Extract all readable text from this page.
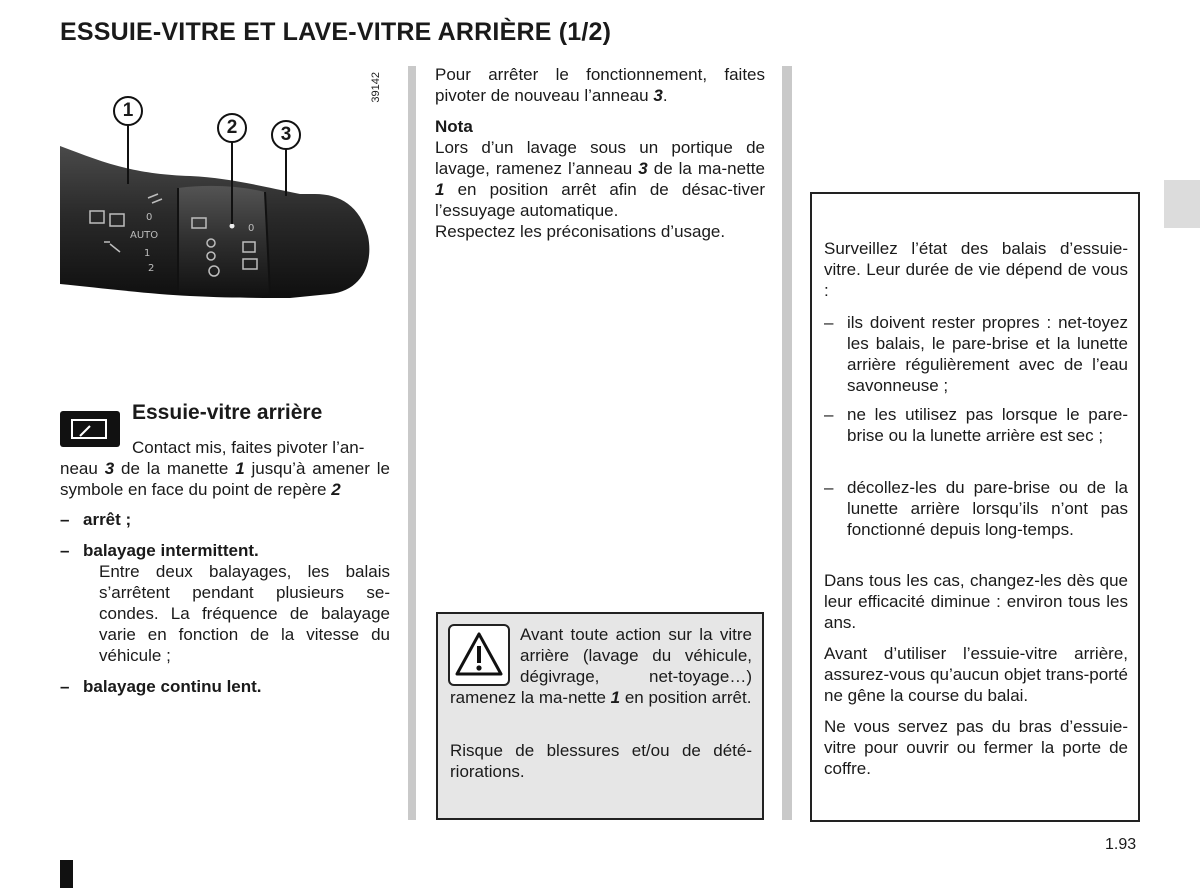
ESSUIE-VITRE ET LAVE-VITRE ARRIÈRE (1/2)
AUTO
0
1
2
0
1
2	3
39142
Essuie-vitre arrière
Contact mis, faites pivoter l’an-
neau 3 de la manette 1 jusqu’à amener le symbole en face du point de repère 2
– arrêt ;
– balayage intermittent.
Entre deux balayages, les balais s’arrêtent pendant plusieurs se-condes. La fréquence de balayage varie en fonction de la vitesse du véhicule ;
– balayage continu lent.
Pour arrêter le fonctionnement, faites pivoter de nouveau l’anneau 3.
Nota
Lors d’un lavage sous un portique de lavage, ramenez l’anneau 3 de la ma-nette 1 en position arrêt afin de désac-tiver l’essuyage automatique.
Respectez les préconisations d’usage.
Avant toute action sur la vitre arrière (lavage du véhicule, dégivrage, net-toyage…) ramenez la ma-nette 1 en position arrêt.
Risque de blessures et/ou de dété-riorations.
Surveillez l’état des balais d’essuie-vitre. Leur durée de vie dépend de vous :
– ils doivent rester propres : net-toyez les balais, le pare-brise et la lunette arrière régulièrement avec de l’eau savonneuse ;
– ne les utilisez pas lorsque le pare-brise ou la lunette arrière est sec ;
– décollez-les du pare-brise ou de la lunette arrière lorsqu’ils n’ont pas fonctionné depuis long-temps.
Dans tous les cas, changez-les dès que leur efficacité diminue : environ tous les ans.
Avant d’utiliser l’essuie-vitre arrière, assurez-vous qu’aucun objet trans-porté ne gêne la course du balai.
Ne vous servez pas du bras d’essuie-vitre pour ouvrir ou fermer la porte de coffre.
1.93
